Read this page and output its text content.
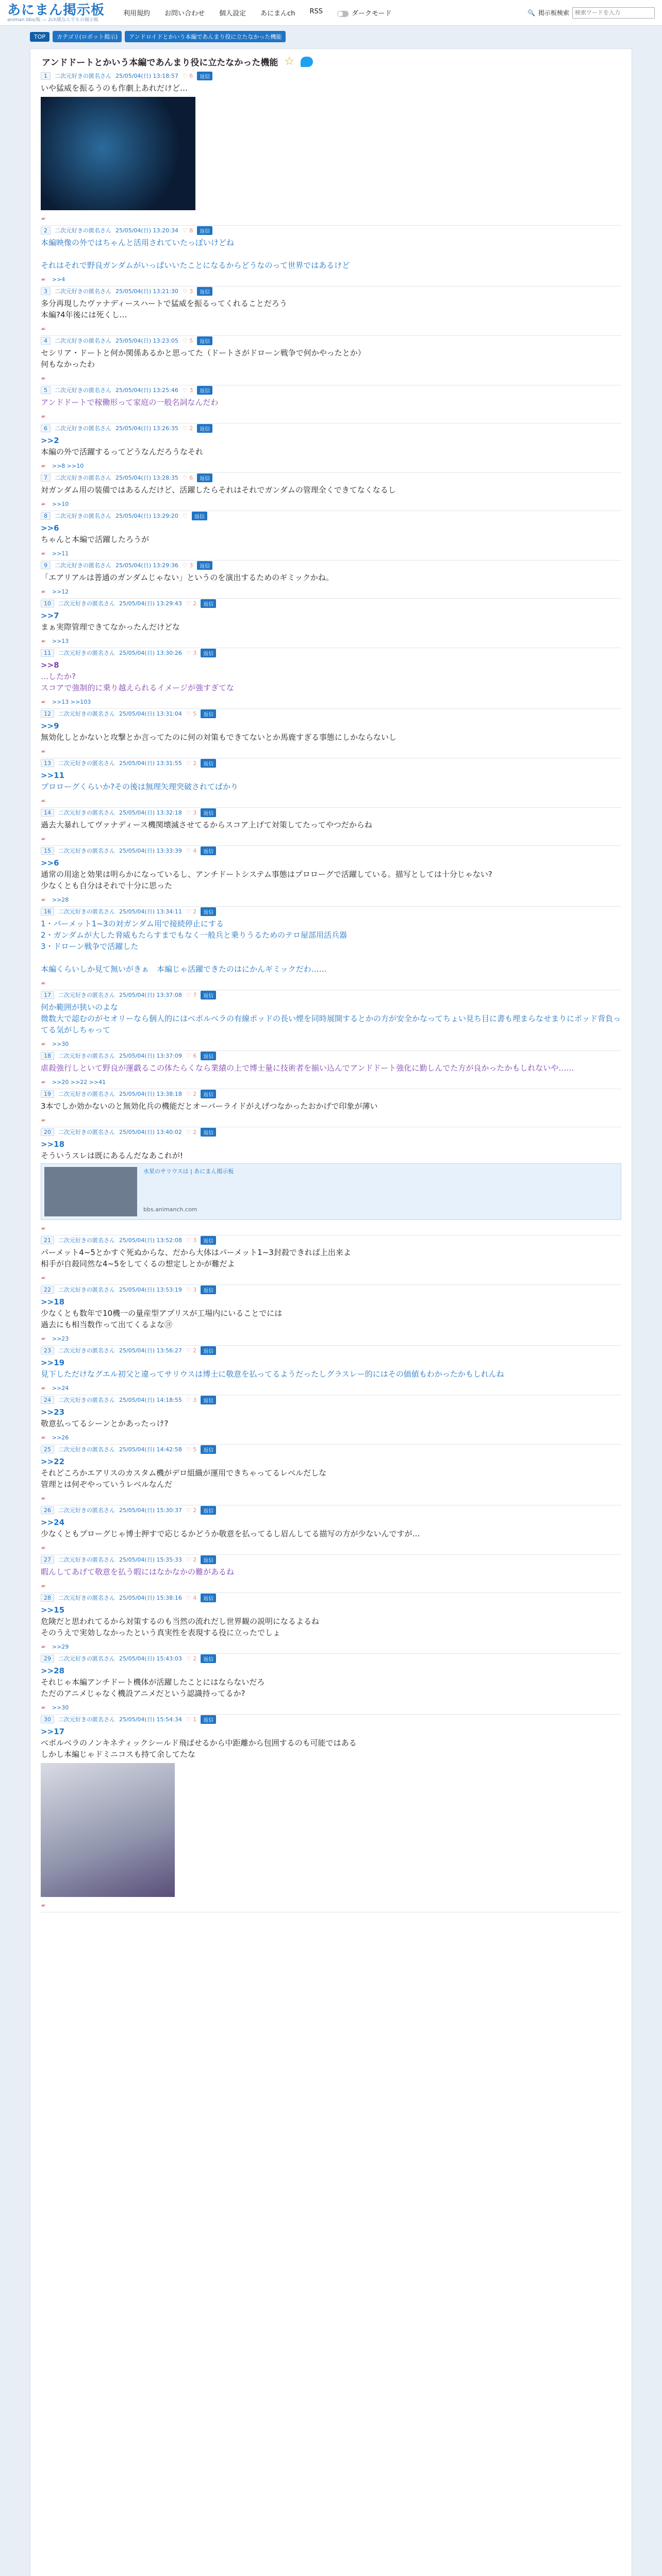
あにまん掲示板
animan bbs/板 — 2ch風なんでもの掲示板
利用規約 お問い合わせ 個人設定 あにまんch RSS	ダークモード	🔍 掲示板検索
検索ワードを入力
TOP	カテゴリ(ロボット掲示)	アンドロイドとかいう本編であんまり役に立たなかった機能
アンドドートとかいう本編であんまり役に立たなかった機能 ☆
1	二次元好きの匿名さん 25/05/04(日) 13:18:57 ♡ 6	返信

いや猛威を振るうのも作劇上あれだけど…

☙
2	二次元好きの匿名さん 25/05/04(日) 13:20:34 ♡ 8	返信

本編映像の外ではちゃんと活用されていたっぽいけどね

それはそれで野良ガンダムがいっぱいいたことになるからどうなのって世界ではあるけど

☙ >>4
3	二次元好きの匿名さん 25/05/04(日) 13:21:30 ♡ 3	返信

多分再現したヴァナディースハートで猛威を振るってくれることだろう

本編?4年後には死くし…

☙
4	二次元好きの匿名さん 25/05/04(日) 13:23:05 ♡ 5	返信

セシリア・ドートと何か関係あるかと思ってた（ドートさがドローン戦争で何かやったとか）

何もなかったわ

☙
5	二次元好きの匿名さん 25/05/04(日) 13:25:46 ♡ 3	返信

アンドドートで稼働形って家庭の一般名詞なんだわ

☙
6	二次元好きの匿名さん 25/05/04(日) 13:26:35 ♡ 2	返信

>>2

本編の外で活躍するってどうなんだろうなそれ

☙ >>8 >>10
7	二次元好きの匿名さん 25/05/04(日) 13:28:35 ♡ 6	返信

対ガンダム用の装備ではあるんだけど、活躍したらそれはそれでガンダムの管理全くできてなくなるし

☙ >>10
8	二次元好きの匿名さん 25/05/04(日) 13:29:20 ♡	返信

>>6

ちゃんと本編で活躍したろうが

☙ >>11
9	二次元好きの匿名さん 25/05/04(日) 13:29:36 ♡ 3	返信

「エアリアルは普通のガンダムじゃない」というのを演出するためのギミックかね。

☙ >>12
10	二次元好きの匿名さん 25/05/04(日) 13:29:43 ♡ 2	返信

>>7

まぁ実際管理できてなかったんだけどな

☙ >>13
11	二次元好きの匿名さん 25/05/04(日) 13:30:26 ♡ 3	返信

>>8

…したか?

スコアで強制的に乗り越えられるイメージが強すぎてな

☙ >>13 >>103
12	二次元好きの匿名さん 25/05/04(日) 13:31:04 ♡ 5	返信

>>9

無効化しとかないと攻撃とか言ってたのに何の対策もできてないとか馬鹿すぎる事態にしかならないし

☙
13	二次元好きの匿名さん 25/05/04(日) 13:31:55 ♡ 2	返信

>>11

プロローグくらいか?その後は無理矢理突破されてばかり

☙
14	二次元好きの匿名さん 25/05/04(日) 13:32:18 ♡ 3	返信

過去大暴れしてヴァナディース機関壊滅させてるからスコア上げて対策してたってやつだからね

☙
15	二次元好きの匿名さん 25/05/04(日) 13:33:39 ♡ 4	返信

>>6

通常の用途と効果は明らかになっているし、アンチドートシステム事態はプロローグで活躍している。描写としては十分じゃない?

少なくとも自分はそれで十分に思った

☙ >>28
16	二次元好きの匿名さん 25/05/04(日) 13:34:11 ♡ 2	返信

1・パーメット1~3の対ガンダム用で接続停止にする

2・ガンダムが大した脅威もたらすまでもなく一般兵と乗りうるためのテロ屋部用活兵器

3・ドローン戦争で活躍した

本編くらいしか見て無いがきぁ　本編じゃ活躍できたのはにかんギミックだわ……

☙
17	二次元好きの匿名さん 25/05/04(日) 13:37:08 ♡ 7	返信

何か範囲が狭いのよな

微数大で認むのがセオリーなら個人的にはベポルベラの有線ポッドの長い煙を同時展開するとかの方が安全かなってちょい見ち目に書も埋まらなせまりにポッド背負ってる気がしちゃって

☙ >>30
18	二次元好きの匿名さん 25/05/04(日) 13:37:09 ♡ 6	返信

虐殺強行しといて野良が運戯るこの体たらくなら業績の上で博士量に技術者を揃い込んでアンドドート強化に勤しんでた方が良かったかもしれないや……

☙ >>20 >>22 >>41
19	二次元好きの匿名さん 25/05/04(日) 13:38:18 ♡ 2	返信

3本でしか効かないのと無効化兵の機能だとオーバーライドがえげつなかったおかげで印象が薄い

☙
20	二次元好きの匿名さん 25/05/04(日) 13:40:02 ♡ 2	返信

>>18

そういうスレは既にあるんだなあこれが!

水星のサリウスは | あにまん掲示板
bbs.animanch.com
☙
21	二次元好きの匿名さん 25/05/04(日) 13:52:08 ♡ 3	返信

パーメット4~5とかすぐ死ぬからな、だから大体はパーメット1~3封殺できれば上出来よ

相手が自殺同然な4~5をしてくるの想定しとかが難だよ

☙
22	二次元好きの匿名さん 25/05/04(日) 13:53:19 ♡ 3	返信

>>18

少なくとも数年で10機一の量産型アプリスが工場内にいることでには

過去にも相当数作って出てくるよな㋵

☙ >>23
23	二次元好きの匿名さん 25/05/04(日) 13:56:27 ♡ 2	返信

>>19

見下しただけなグエル初父と違ってサリウスは博士に敬意を払ってるようだったしグラスレー的にはその価値もわかったかもしれんね

☙ >>24
24	二次元好きの匿名さん 25/05/04(日) 14:18:55 ♡ 3	返信

>>23

敬意払ってるシーンとかあったっけ?

☙ >>26
25	二次元好きの匿名さん 25/05/04(日) 14:42:58 ♡ 5	返信

>>22

それどころかエアリスのカスタム機がデロ組織が運用できちゃってるレベルだしな

管理とは何ぞやっていうレベルなんだ

☙
26	二次元好きの匿名さん 25/05/04(日) 15:30:37 ♡ 2	返信

>>24

少なくともプローグじゃ博士押すで応じるかどうか敬意を払ってるし眉んしてる描写の方が少ないんですが…

☙
27	二次元好きの匿名さん 25/05/04(日) 15:35:33 ♡ 2	返信

暇んしてあげて敬意を払う暇にはなかなかの難があるね

☙
28	二次元好きの匿名さん 25/05/04(日) 15:38:16 ♡ 4	返信

>>15

危険だと思われてるから対策するのも当然の流れだし世界観の説明になるよるね

そのうえで実効しなかったという真実性を表現する役に立ったでしょ

☙ >>29
29	二次元好きの匿名さん 25/05/04(日) 15:43:03 ♡ 2	返信

>>28

それじゃ本編アンチドート機体が活躍したことにはならないだろ

ただのアニメじゃなく機設アニメだという認識持ってるか?

☙ >>30
30	二次元好きの匿名さん 25/05/04(日) 15:54:34 ♡ 1	返信

>>17

ベポルベラのノンキネティックシールド飛ばせるから中距離から包囲するのも可能ではある

しかし本編じゃドミニコスも持て余してたな

☙
